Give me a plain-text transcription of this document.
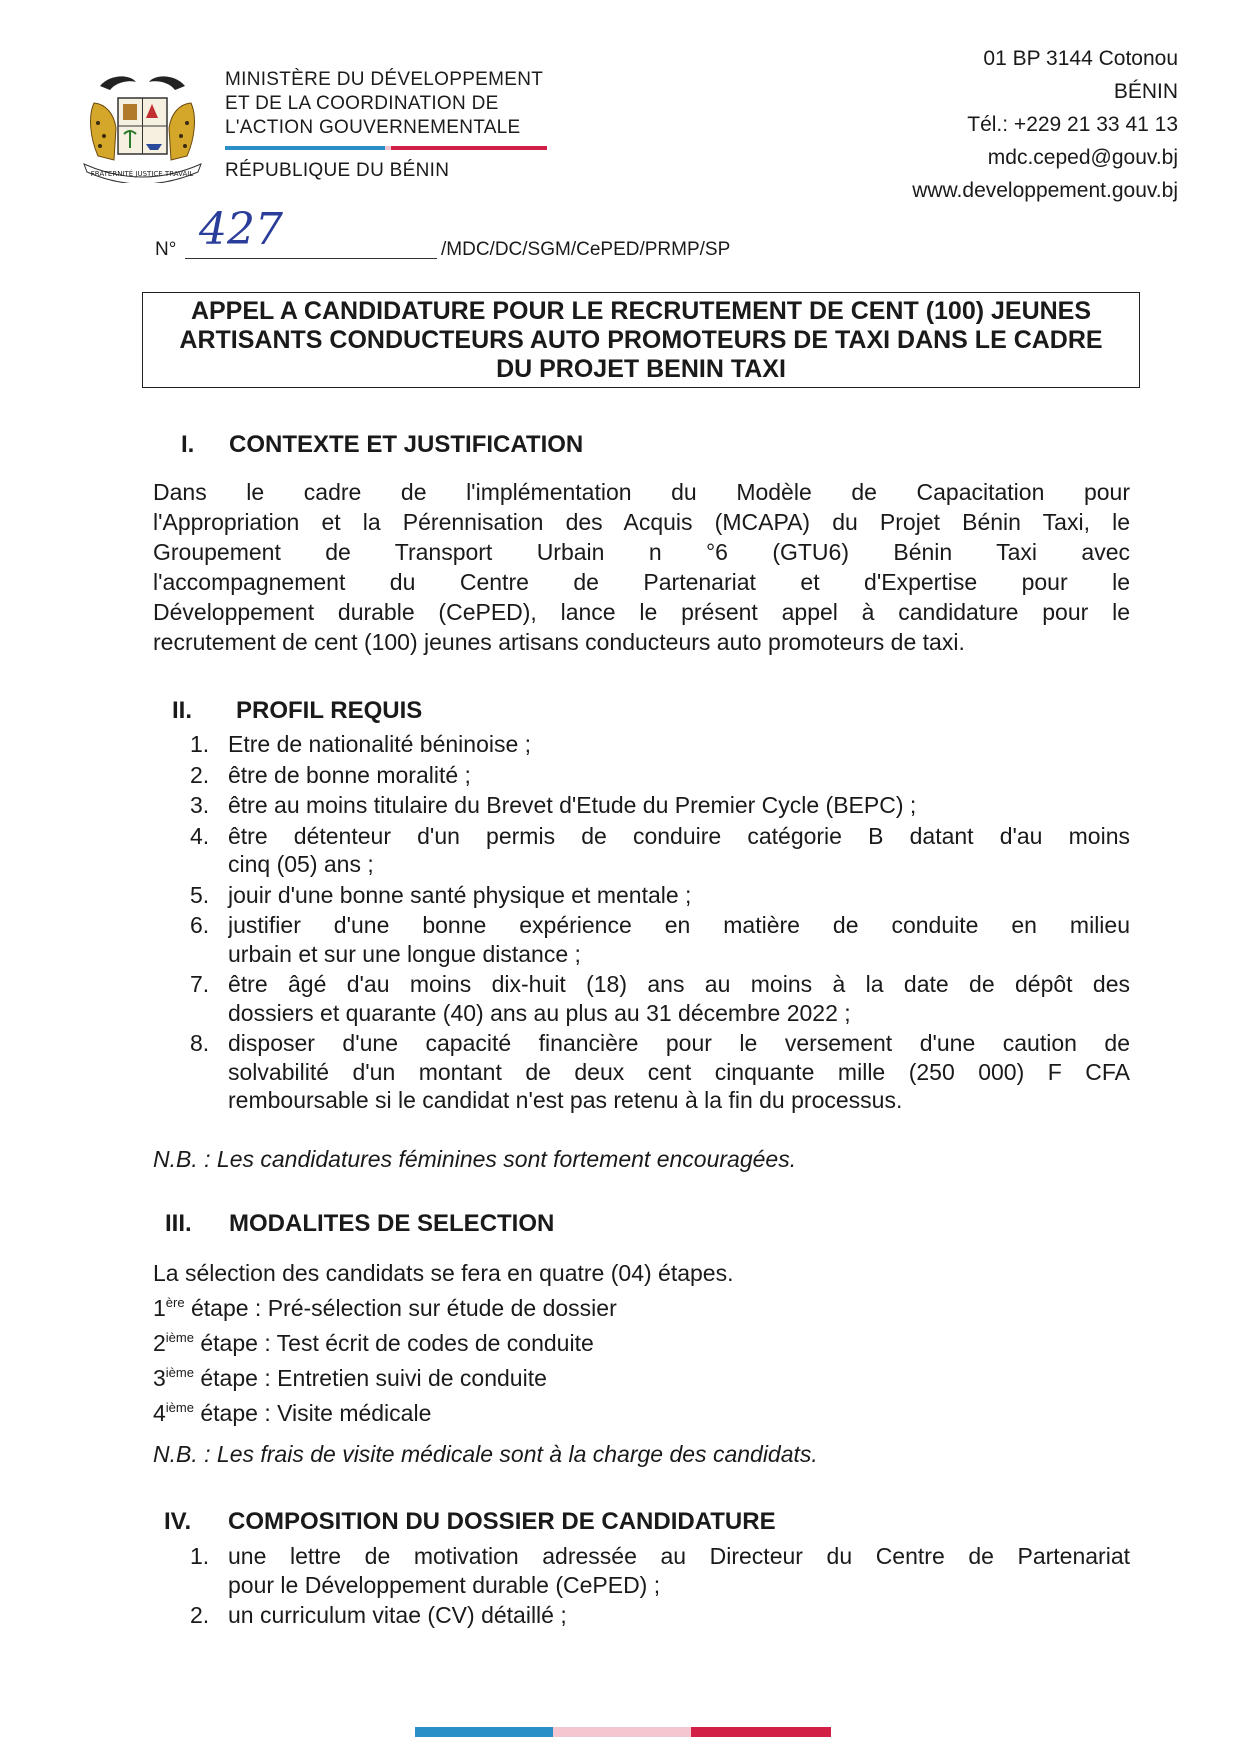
FRATERNITÉ JUSTICE TRAVAIL
MINISTÈRE DU DÉVELOPPEMENT
ET DE LA COORDINATION DE
L'ACTION GOUVERNEMENTALE
RÉPUBLIQUE DU BÉNIN
01 BP 3144 Cotonou
BÉNIN
Tél.: +229 21 33 41 13
mdc.ceped@gouv.bj
www.developpement.gouv.bj
N° 427	/MDC/DC/SGM/CePED/PRMP/SP
APPEL A CANDIDATURE POUR LE RECRUTEMENT DE CENT (100) JEUNES
ARTISANTS CONDUCTEURS AUTO PROMOTEURS DE TAXI DANS LE CADRE
DU PROJET BENIN TAXI
I. CONTEXTE ET JUSTIFICATION
Dans le cadre de l'implémentation du Modèle de Capacitation pour
l'Appropriation et la Pérennisation des Acquis (MCAPA) du Projet Bénin Taxi, le
Groupement de Transport Urbain n °6 (GTU6) Bénin Taxi avec
l'accompagnement du Centre de Partenariat et d'Expertise pour le
Développement durable (CePED), lance le présent appel à candidature pour le
recrutement de cent (100) jeunes artisans conducteurs auto promoteurs de taxi.
II. PROFIL REQUIS
1. Etre de nationalité béninoise ;
2. être de bonne moralité ;
3. être au moins titulaire du Brevet d'Etude du Premier Cycle (BEPC) ;
4. être détenteur d'un permis de conduire catégorie B datant d'au moins
cinq (05) ans ;
5. jouir d'une bonne santé physique et mentale ;
6. justifier d'une bonne expérience en matière de conduite en milieu
urbain et sur une longue distance ;
7. être âgé d'au moins dix-huit (18) ans au moins à la date de dépôt des
dossiers et quarante (40) ans au plus au 31 décembre 2022 ;
8. disposer d'une capacité financière pour le versement d'une caution de
solvabilité d'un montant de deux cent cinquante mille (250 000) F CFA
remboursable si le candidat n'est pas retenu à la fin du processus.
N.B. : Les candidatures féminines sont fortement encouragées.
III. MODALITES DE SELECTION
La sélection des candidats se fera en quatre (04) étapes.
1ère étape : Pré-sélection sur étude de dossier
2ième étape : Test écrit de codes de conduite
3ième étape : Entretien suivi de conduite
4ième étape : Visite médicale
N.B. : Les frais de visite médicale sont à la charge des candidats.
IV. COMPOSITION DU DOSSIER DE CANDIDATURE
1. une lettre de motivation adressée au Directeur du Centre de Partenariat
pour le Développement durable (CePED) ;
2. un curriculum vitae (CV) détaillé ;
